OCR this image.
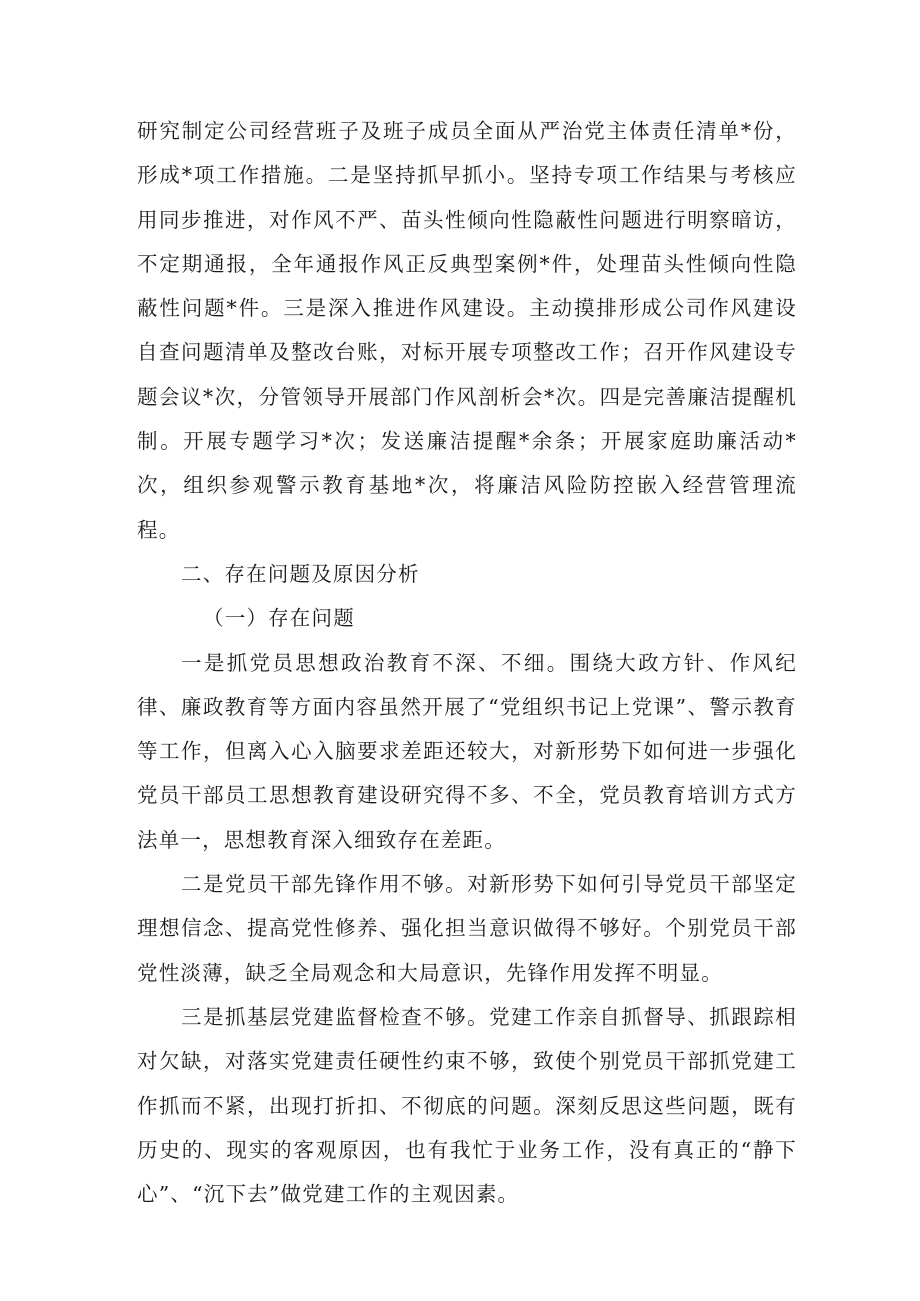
研究制定公司经营班子及班子成员全面从严治党主体责任清单*份，形成*项工作措施。二是坚持抓早抓小。坚持专项工作结果与考核应用同步推进，对作风不严、苗头性倾向性隐蔽性问题进行明察暗访，不定期通报，全年通报作风正反典型案例*件，处理苗头性倾向性隐蔽性问题*件。三是深入推进作风建设。主动摸排形成公司作风建设自查问题清单及整改台账，对标开展专项整改工作；召开作风建设专题会议*次，分管领导开展部门作风剖析会*次。四是完善廉洁提醒机制。开展专题学习*次；发送廉洁提醒*余条；开展家庭助廉活动*次，组织参观警示教育基地*次，将廉洁风险防控嵌入经营管理流程。

二、存在问题及原因分析

（一）存在问题

一是抓党员思想政治教育不深、不细。围绕大政方针、作风纪律、廉政教育等方面内容虽然开展了“党组织书记上党课”、警示教育等工作，但离入心入脑要求差距还较大，对新形势下如何进一步强化党员干部员工思想教育建设研究得不多、不全，党员教育培训方式方法单一，思想教育深入细致存在差距。

二是党员干部先锋作用不够。对新形势下如何引导党员干部坚定理想信念、提高党性修养、强化担当意识做得不够好。个别党员干部党性淡薄，缺乏全局观念和大局意识，先锋作用发挥不明显。

三是抓基层党建监督检查不够。党建工作亲自抓督导、抓跟踪相对欠缺，对落实党建责任硬性约束不够，致使个别党员干部抓党建工作抓而不紧，出现打折扣、不彻底的问题。深刻反思这些问题，既有历史的、现实的客观原因，也有我忙于业务工作，没有真正的“静下心”、“沉下去”做党建工作的主观因素。
